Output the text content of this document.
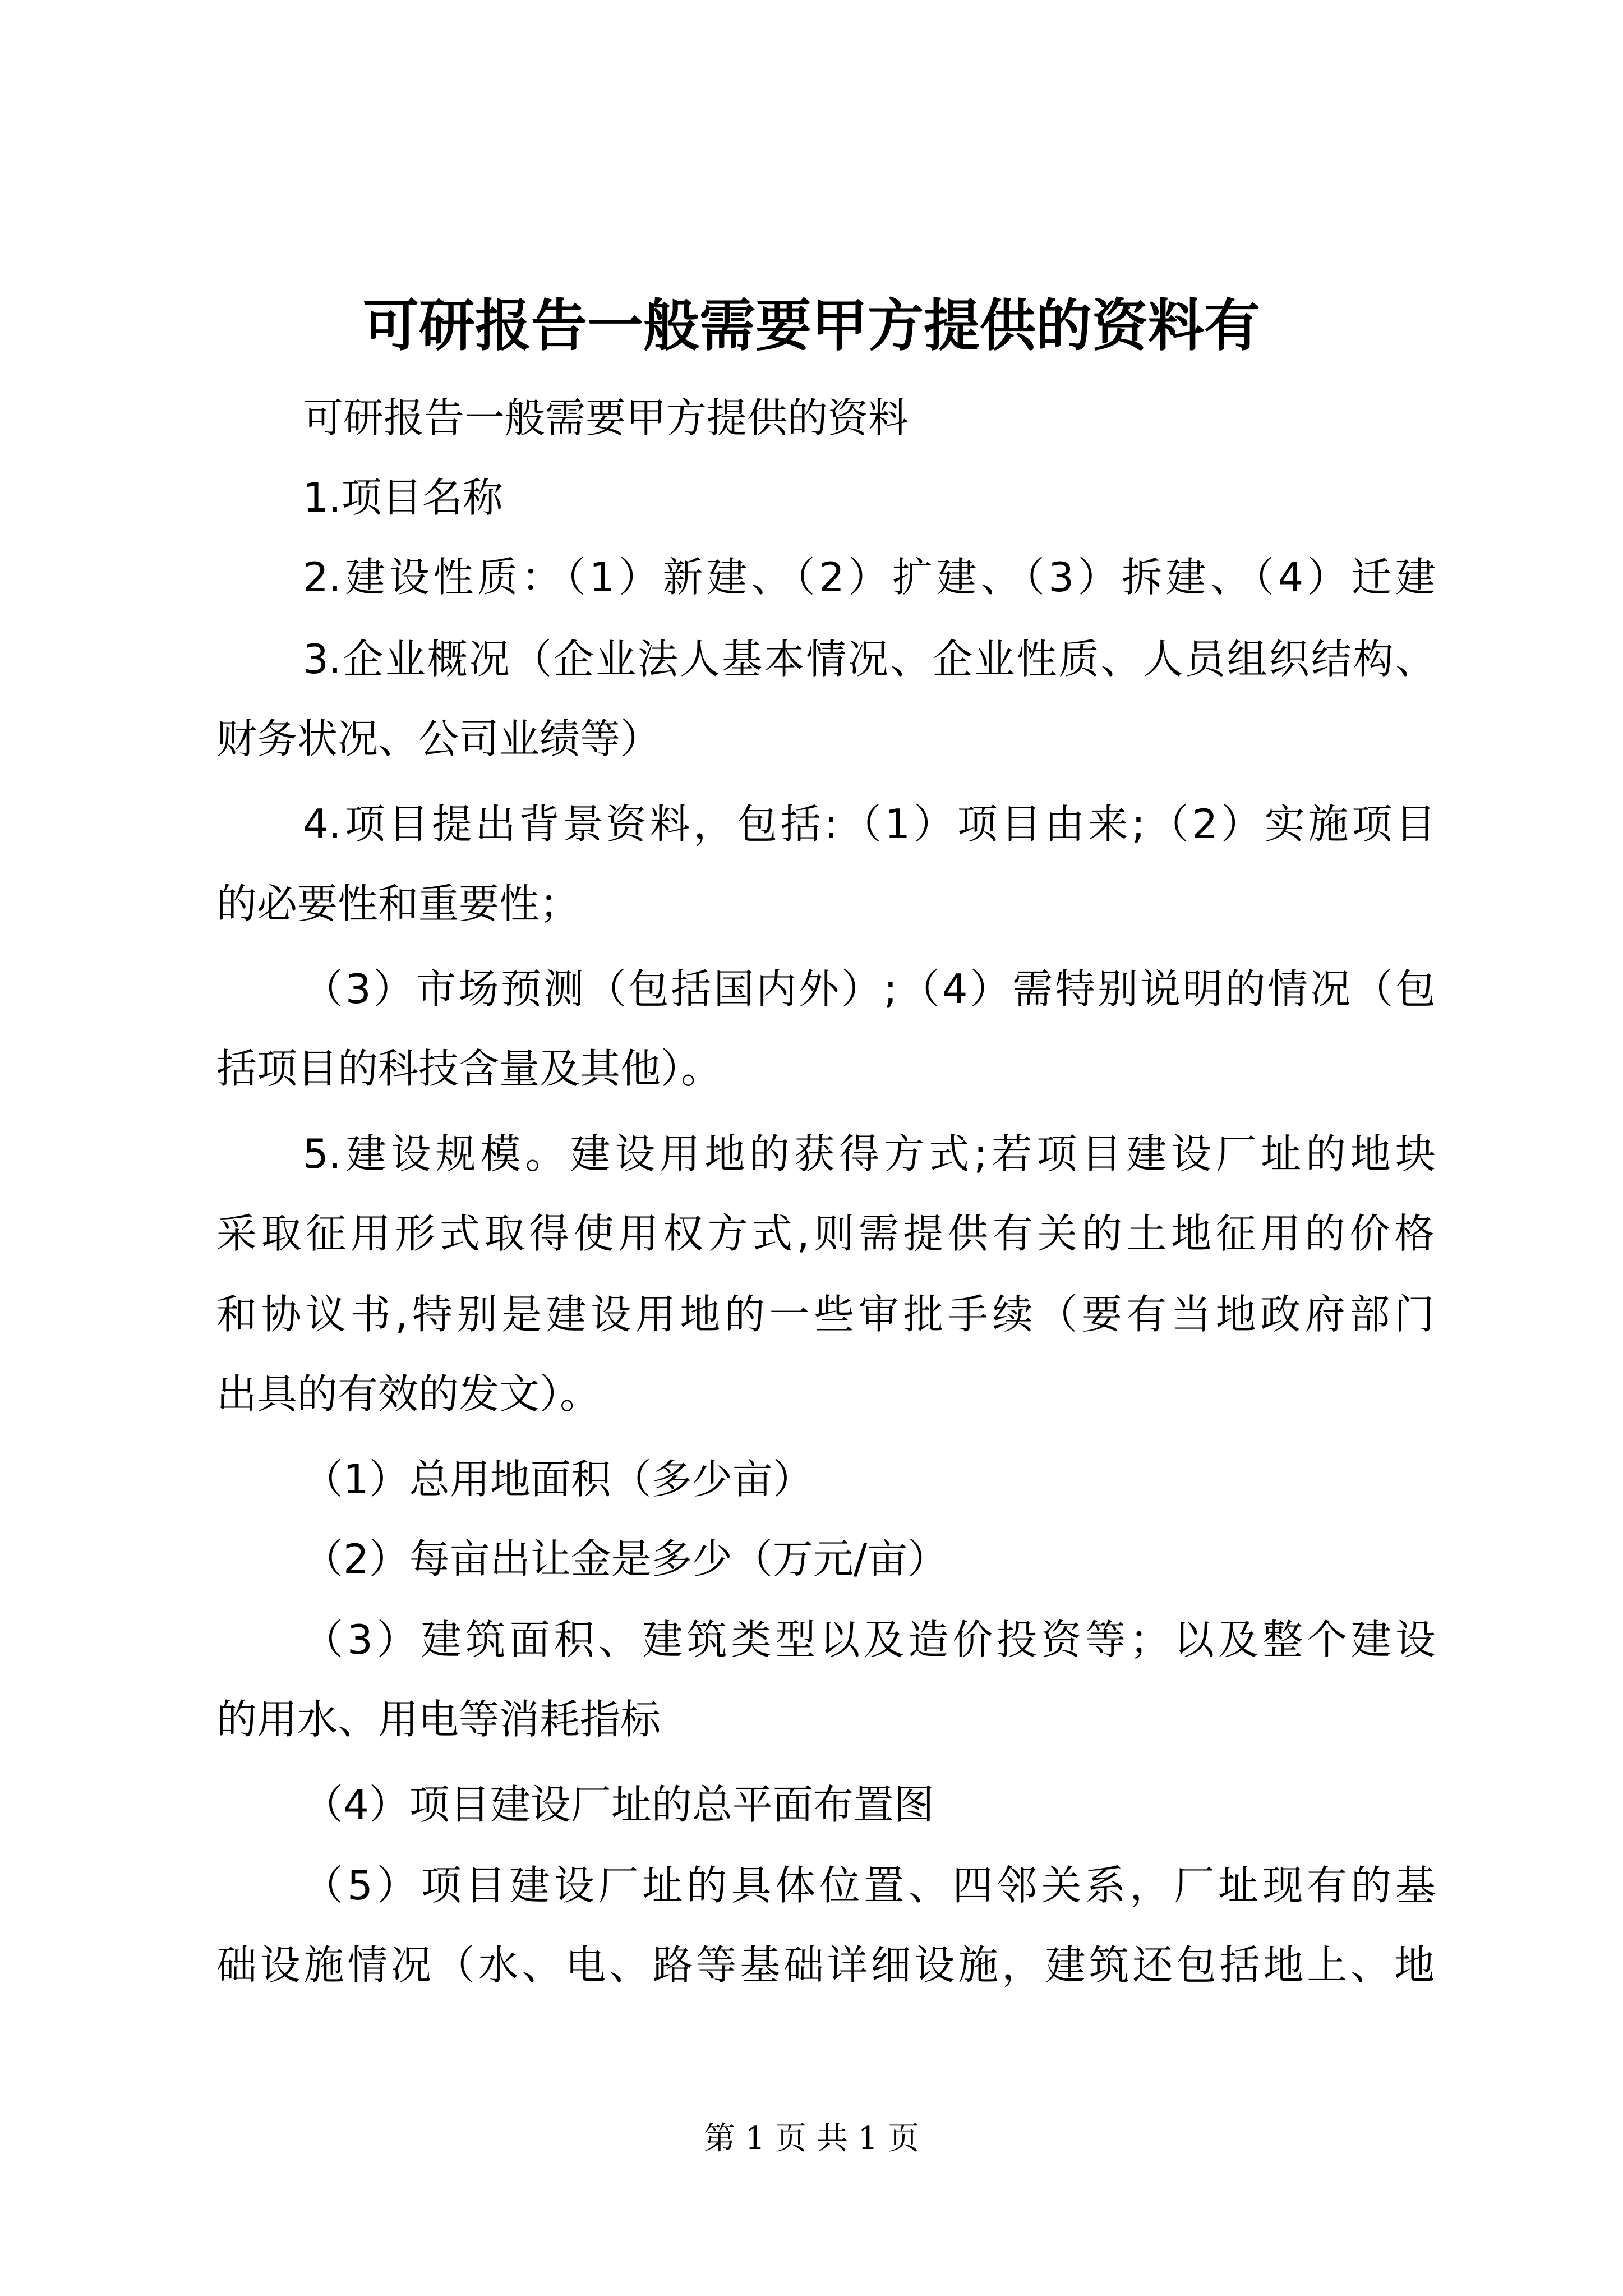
可研报告一般需要甲方提供的资料有
可研报告一般需要甲方提供的资料
1.项目名称
2.建设性质：（1）新建、（2）扩建、（3）拆建、（4）迁建
3.企业概况（企业法人基本情况、企业性质、人员组织结构、
财务状况、公司业绩等）
4.项目提出背景资料，包括:（1）项目由来;（2）实施项目
的必要性和重要性；
（3）市场预测（包括国内外）;（4）需特别说明的情况（包
括项目的科技含量及其他）。
5.建设规模。建设用地的获得方式;若项目建设厂址的地块
采取征用形式取得使用权方式,则需提供有关的土地征用的价格
和协议书,特别是建设用地的一些审批手续（要有当地政府部门
出具的有效的发文）。
（1）总用地面积（多少亩）
（2）每亩出让金是多少（万元/亩）
（3）建筑面积、建筑类型以及造价投资等；以及整个建设
的用水、用电等消耗指标
（4）项目建设厂址的总平面布置图
（5）项目建设厂址的具体位置、四邻关系，厂址现有的基
础设施情况（水、电、路等基础详细设施，建筑还包括地上、地
第 1 页 共 1 页
